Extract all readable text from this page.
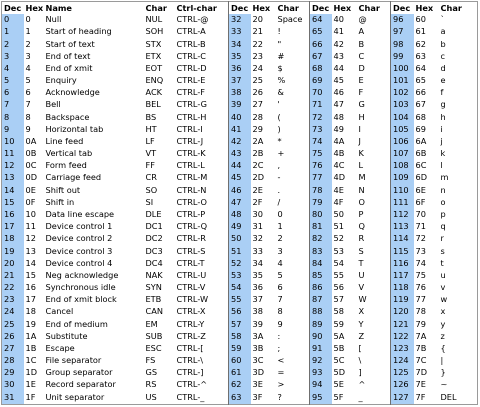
Dec	Hex	Name	Char	Ctrl-char	Dec	Hex	Char	Dec	Hex	Char	Dec	Hex	Char
0	0	Null	NUL	CTRL-@	32	20	Space	64	40	@	96	60	`
1	1	Start of heading	SOH	CTRL-A	33	21	!	65	41	A	97	61	a
2	2	Start of text	STX	CTRL-B	34	22	"	66	42	B	98	62	b
3	3	End of text	ETX	CTRL-C	35	23	#	67	43	C	99	63	c
4	4	End of xmit	EOT	CTRL-D	36	24	$	68	44	D	100	64	d
5	5	Enquiry	ENQ	CTRL-E	37	25	%	69	45	E	101	65	e
6	6	Acknowledge	ACK	CTRL-F	38	26	&	70	46	F	102	66	f
7	7	Bell	BEL	CTRL-G	39	27	'	71	47	G	103	67	g
8	8	Backspace	BS	CTRL-H	40	28	(	72	48	H	104	68	h
9	9	Horizontal tab	HT	CTRL-I	41	29	)	73	49	I	105	69	i
10	0A	Line feed	LF	CTRL-J	42	2A	*	74	4A	J	106	6A	j
11	0B	Vertical tab	VT	CTRL-K	43	2B	+	75	4B	K	107	6B	k
12	0C	Form feed	FF	CTRL-L	44	2C	,	76	4C	L	108	6C	l
13	0D	Carriage feed	CR	CTRL-M	45	2D	-	77	4D	M	109	6D	m
14	0E	Shift out	SO	CTRL-N	46	2E	.	78	4E	N	110	6E	n
15	0F	Shift in	SI	CTRL-O	47	2F	/	79	4F	O	111	6F	o
16	10	Data line escape	DLE	CTRL-P	48	30	0	80	50	P	112	70	p
17	11	Device control 1	DC1	CTRL-Q	49	31	1	81	51	Q	113	71	q
18	12	Device control 2	DC2	CTRL-R	50	32	2	82	52	R	114	72	r
19	13	Device control 3	DC3	CTRL-S	51	33	3	83	53	S	115	73	s
20	14	Device control 4	DC4	CTRL-T	52	34	4	84	54	T	116	74	t
21	15	Neg acknowledge	NAK	CTRL-U	53	35	5	85	55	U	117	75	u
22	16	Synchronous idle	SYN	CTRL-V	54	36	6	86	56	V	118	76	v
23	17	End of xmit block	ETB	CTRL-W	55	37	7	87	57	W	119	77	w
24	18	Cancel	CAN	CTRL-X	56	38	8	88	58	X	120	78	x
25	19	End of medium	EM	CTRL-Y	57	39	9	89	59	Y	121	79	y
26	1A	Substitute	SUB	CTRL-Z	58	3A	:	90	5A	Z	122	7A	z
27	1B	Escape	ESC	CTRL-[	59	3B	;	91	5B	[	123	7B	{
28	1C	File separator	FS	CTRL-\	60	3C	<	92	5C	\	124	7C	|
29	1D	Group separator	GS	CTRL-]	61	3D	=	93	5D	]	125	7D	}
30	1E	Record separator	RS	CTRL-^	62	3E	>	94	5E	^	126	7E	~
31	1F	Unit separator	US	CTRL-_	63	3F	?	95	5F	_	127	7F	DEL
